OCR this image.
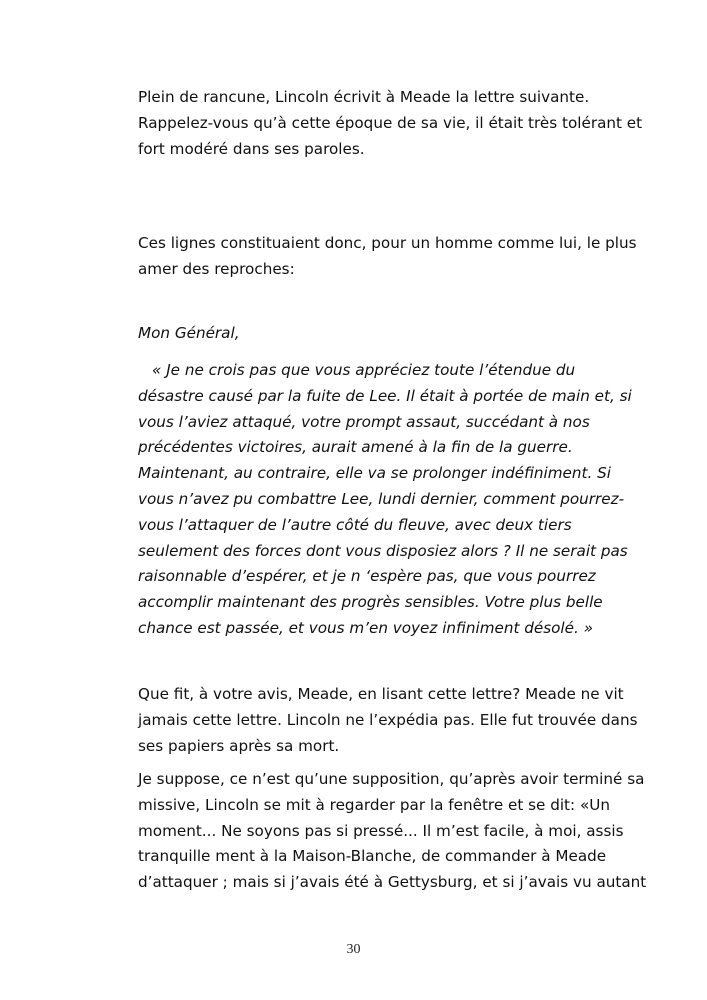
Plein de rancune, Lincoln écrivit à Meade la lettre suivante.
Rappelez-vous qu’à cette époque de sa vie, il était très tolérant et
fort modéré dans ses paroles.

Ces lignes constituaient donc, pour un homme comme lui, le plus
amer des reproches:

Mon Général,

« Je ne crois pas que vous appréciez toute l’étendue du
désastre causé par la fuite de Lee. Il était à portée de main et, si
vous l’aviez attaqué, votre prompt assaut, succédant à nos
précédentes victoires, aurait amené à la fin de la guerre.
Maintenant, au contraire, elle va se prolonger indéfiniment. Si
vous n’avez pu combattre Lee, lundi dernier, comment pourrez-
vous l’attaquer de l’autre côté du fleuve, avec deux tiers
seulement des forces dont vous disposiez alors ? Il ne serait pas
raisonnable d’espérer, et je n ‘espère pas, que vous pourrez
accomplir maintenant des progrès sensibles. Votre plus belle
chance est passée, et vous m’en voyez infiniment désolé. »

Que fit, à votre avis, Meade, en lisant cette lettre? Meade ne vit
jamais cette lettre. Lincoln ne l’expédia pas. Elle fut trouvée dans
ses papiers après sa mort.

Je suppose, ce n’est qu’une supposition, qu’après avoir terminé sa
missive, Lincoln se mit à regarder par la fenêtre et se dit: «Un
moment... Ne soyons pas si pressé... Il m’est facile, à moi, assis
tranquille ment à la Maison-Blanche, de commander à Meade
d’attaquer ; mais si j’avais été à Gettysburg, et si j’avais vu autant

30
